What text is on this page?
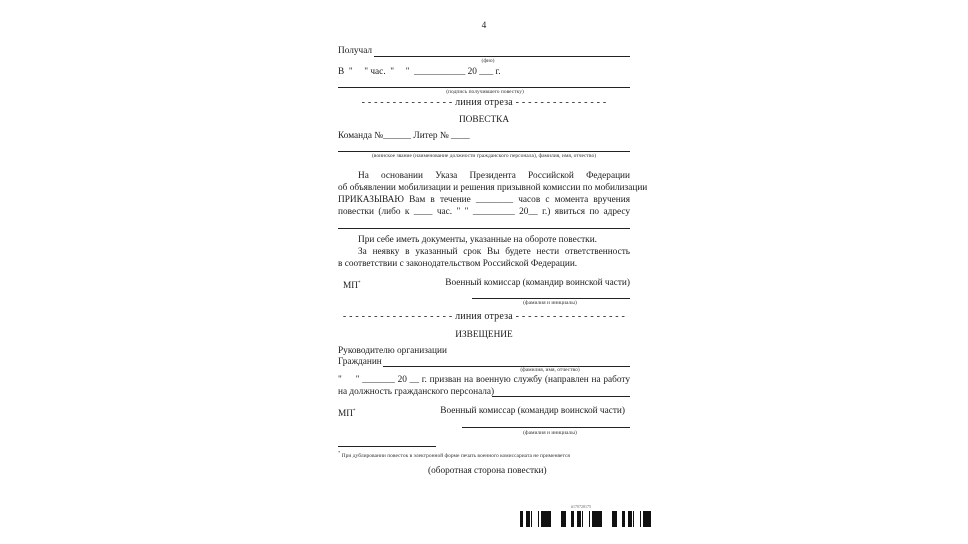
4
Получал
(фио)
В  "     " час.  "     "  ___________ 20 ___ г.
(подпись получившего повестку)
- - - - - - - - - - - - - - - линия отреза - - - - - - - - - - - - - - -
ПОВЕСТКА
Команда №______ Литер № ____
(воинское звание (наименование должности гражданского персонала), фамилия, имя, отчество)
На основании Указа Президента Российской Федерации
об объявлении мобилизации и решения призывной комиссии по мобилизации
ПРИКАЗЫВАЮ Вам в течение ________ часов с момента вручения
повестки (либо к ____ час. " " _________ 20__ г.) явиться по адресу
При себе иметь документы, указанные на обороте повестки.
За неявку в указанный срок Вы будете нести ответственность
в соответствии с законодательством Российской Федерации.
МП*	Военный комиссар (командир воинской части)
(фамилия и инициалы)
- - - - - - - - - - - - - - - - - - линия отреза - - - - - - - - - - - - - - - - - -
ИЗВЕЩЕНИЕ
Руководителю организации
Гражданин
(фамилия, имя, отчество)
"     " _______ 20 __ г. призван на военную службу (направлен на работу
на должность гражданского персонала)
МП*	Военный комиссар (командир воинской части)
(фамилия и инициалы)
* При дублировании повесток в электронной форме печать военного комиссариата не применяется
(оборотная сторона повестки)
#170728175
